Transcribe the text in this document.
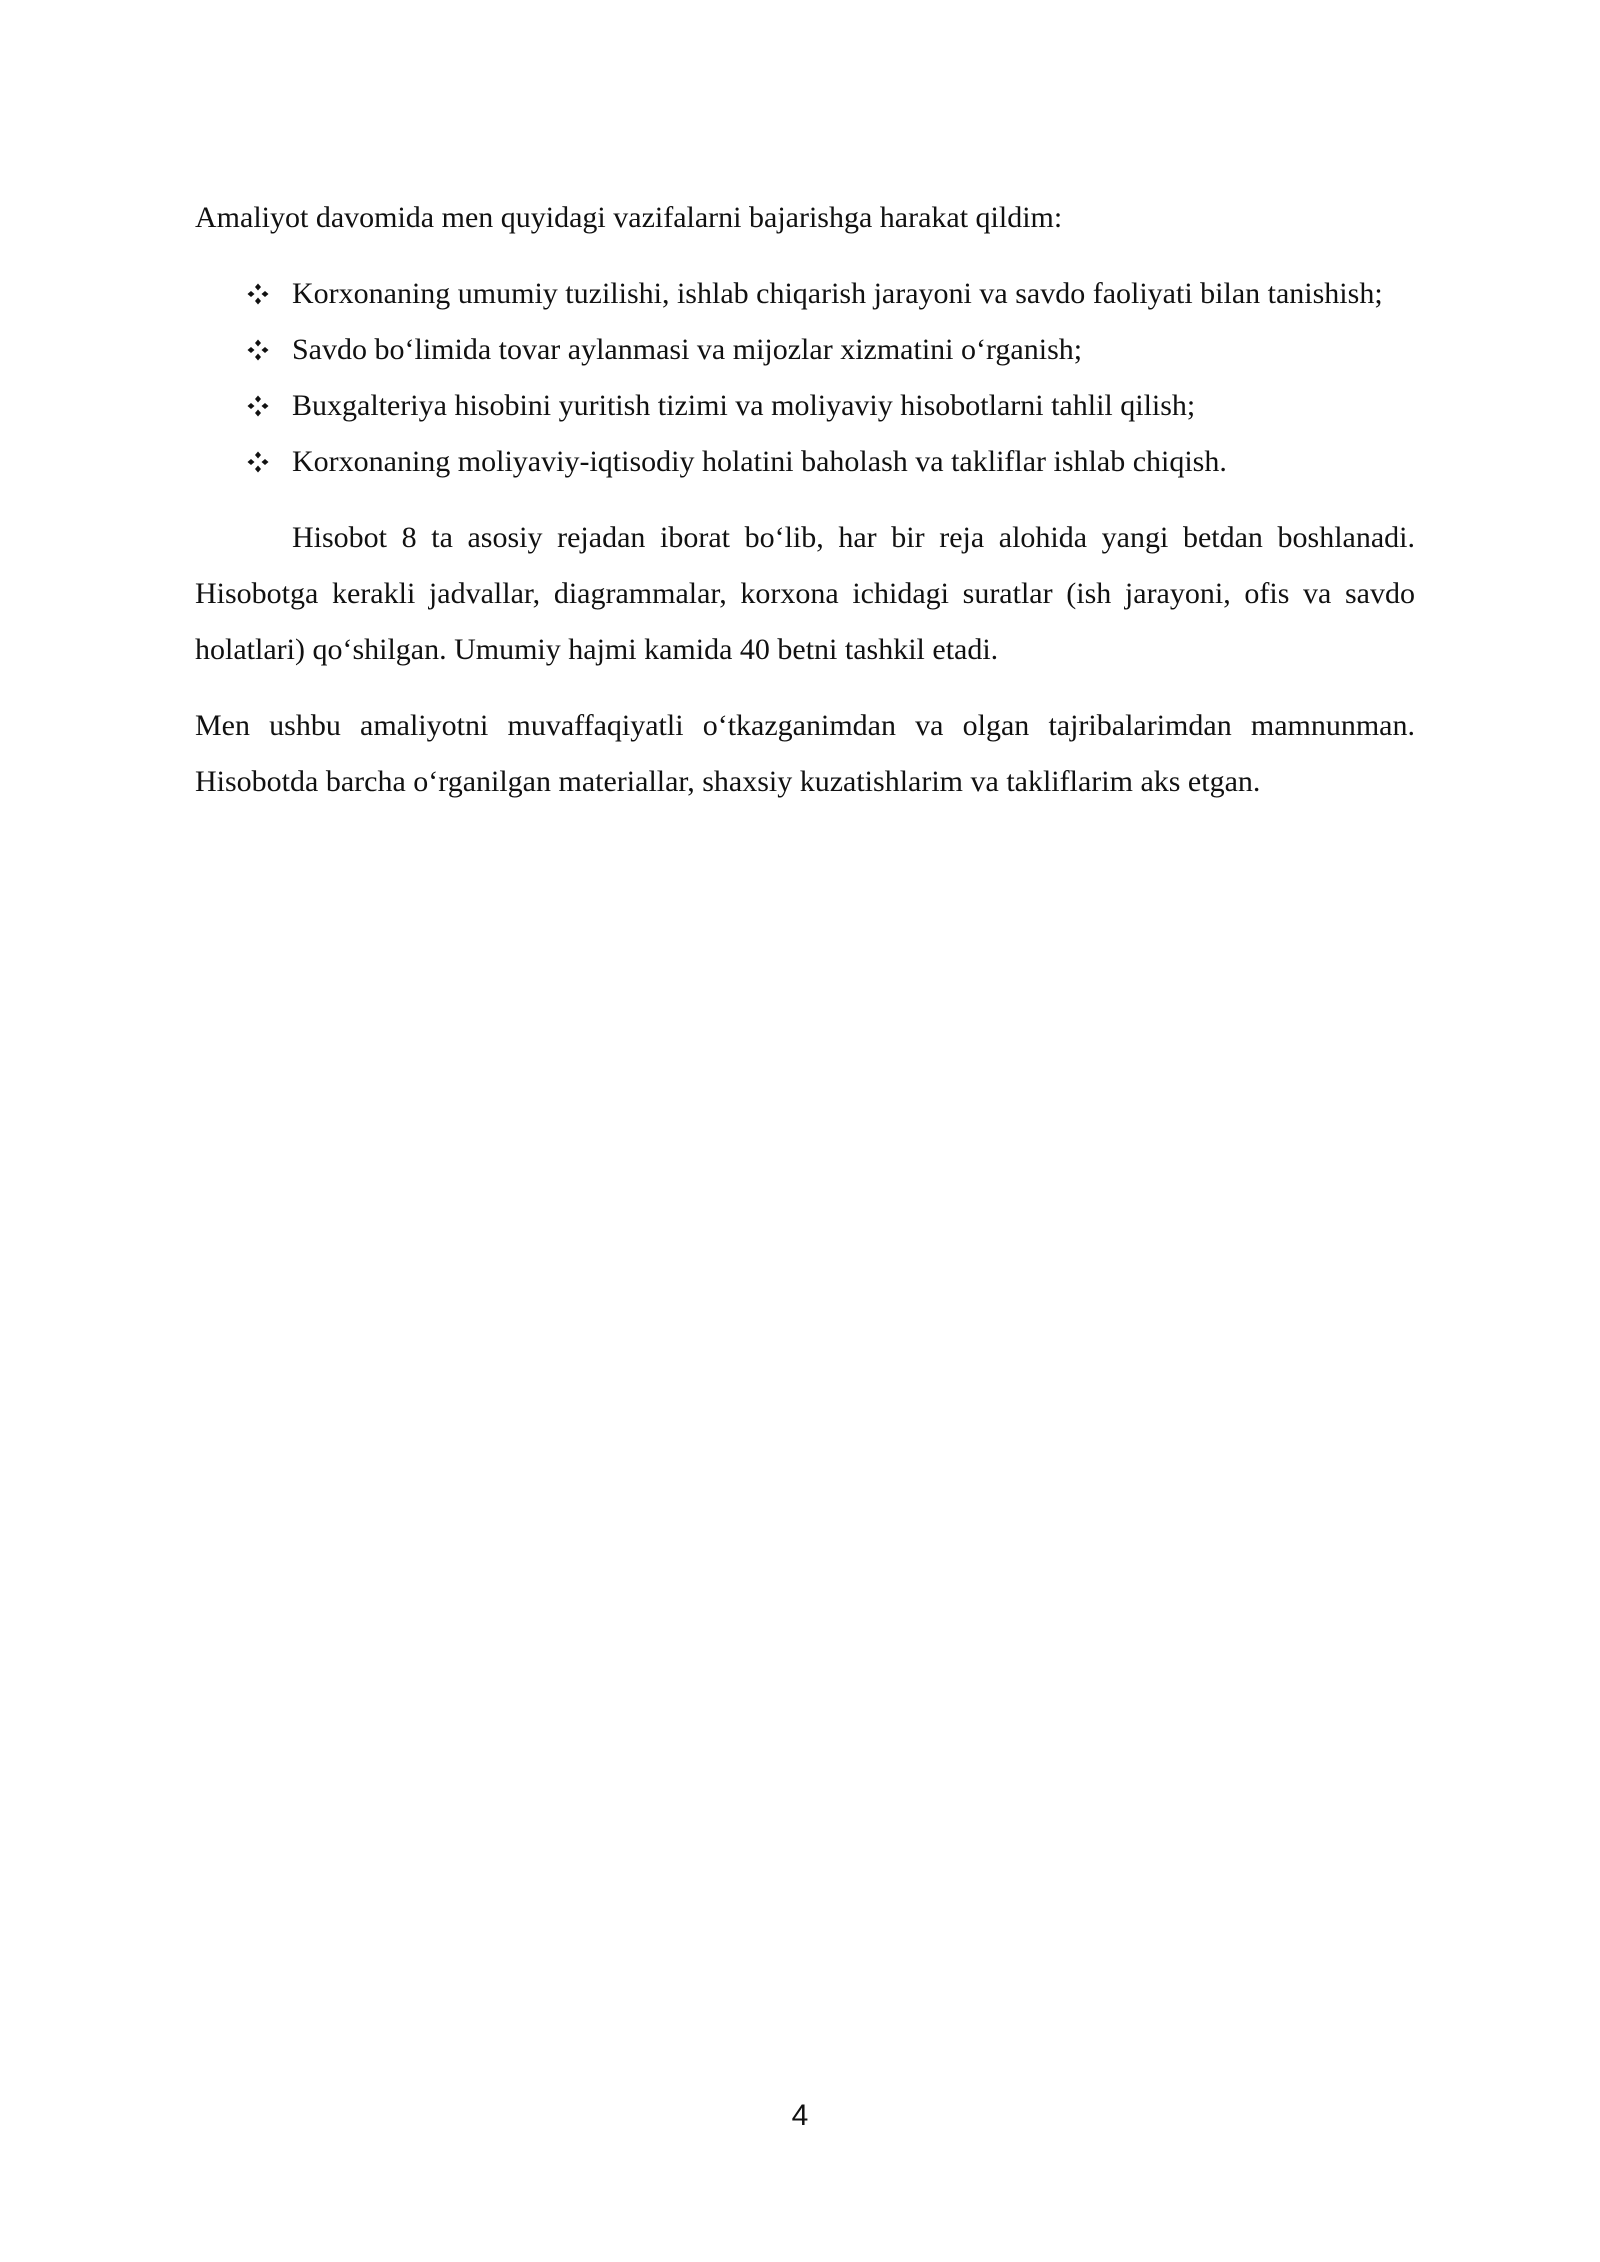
Amaliyot davomida men quyidagi vazifalarni bajarishga harakat qildim:

Korxonaning umumiy tuzilishi, ishlab chiqarish jarayoni va savdo faoliyati bilan tanishish;
Savdo bo‘limida tovar aylanmasi va mijozlar xizmatini o‘rganish;
Buxgalteriya hisobini yuritish tizimi va moliyaviy hisobotlarni tahlil qilish;
Korxonaning moliyaviy-iqtisodiy holatini baholash va takliflar ishlab chiqish.

Hisobot 8 ta asosiy rejadan iborat bo‘lib, har bir reja alohida yangi betdan boshlanadi. Hisobotga kerakli jadvallar, diagrammalar, korxona ichidagi suratlar (ish jarayoni, ofis va savdo holatlari) qo‘shilgan. Umumiy hajmi kamida 40 betni tashkil etadi.

Men ushbu amaliyotni muvaffaqiyatli o‘tkazganimdan va olgan tajribalarimdan mamnunman. Hisobotda barcha o‘rganilgan materiallar, shaxsiy kuzatishlarim va takliflarim aks etgan.

4
